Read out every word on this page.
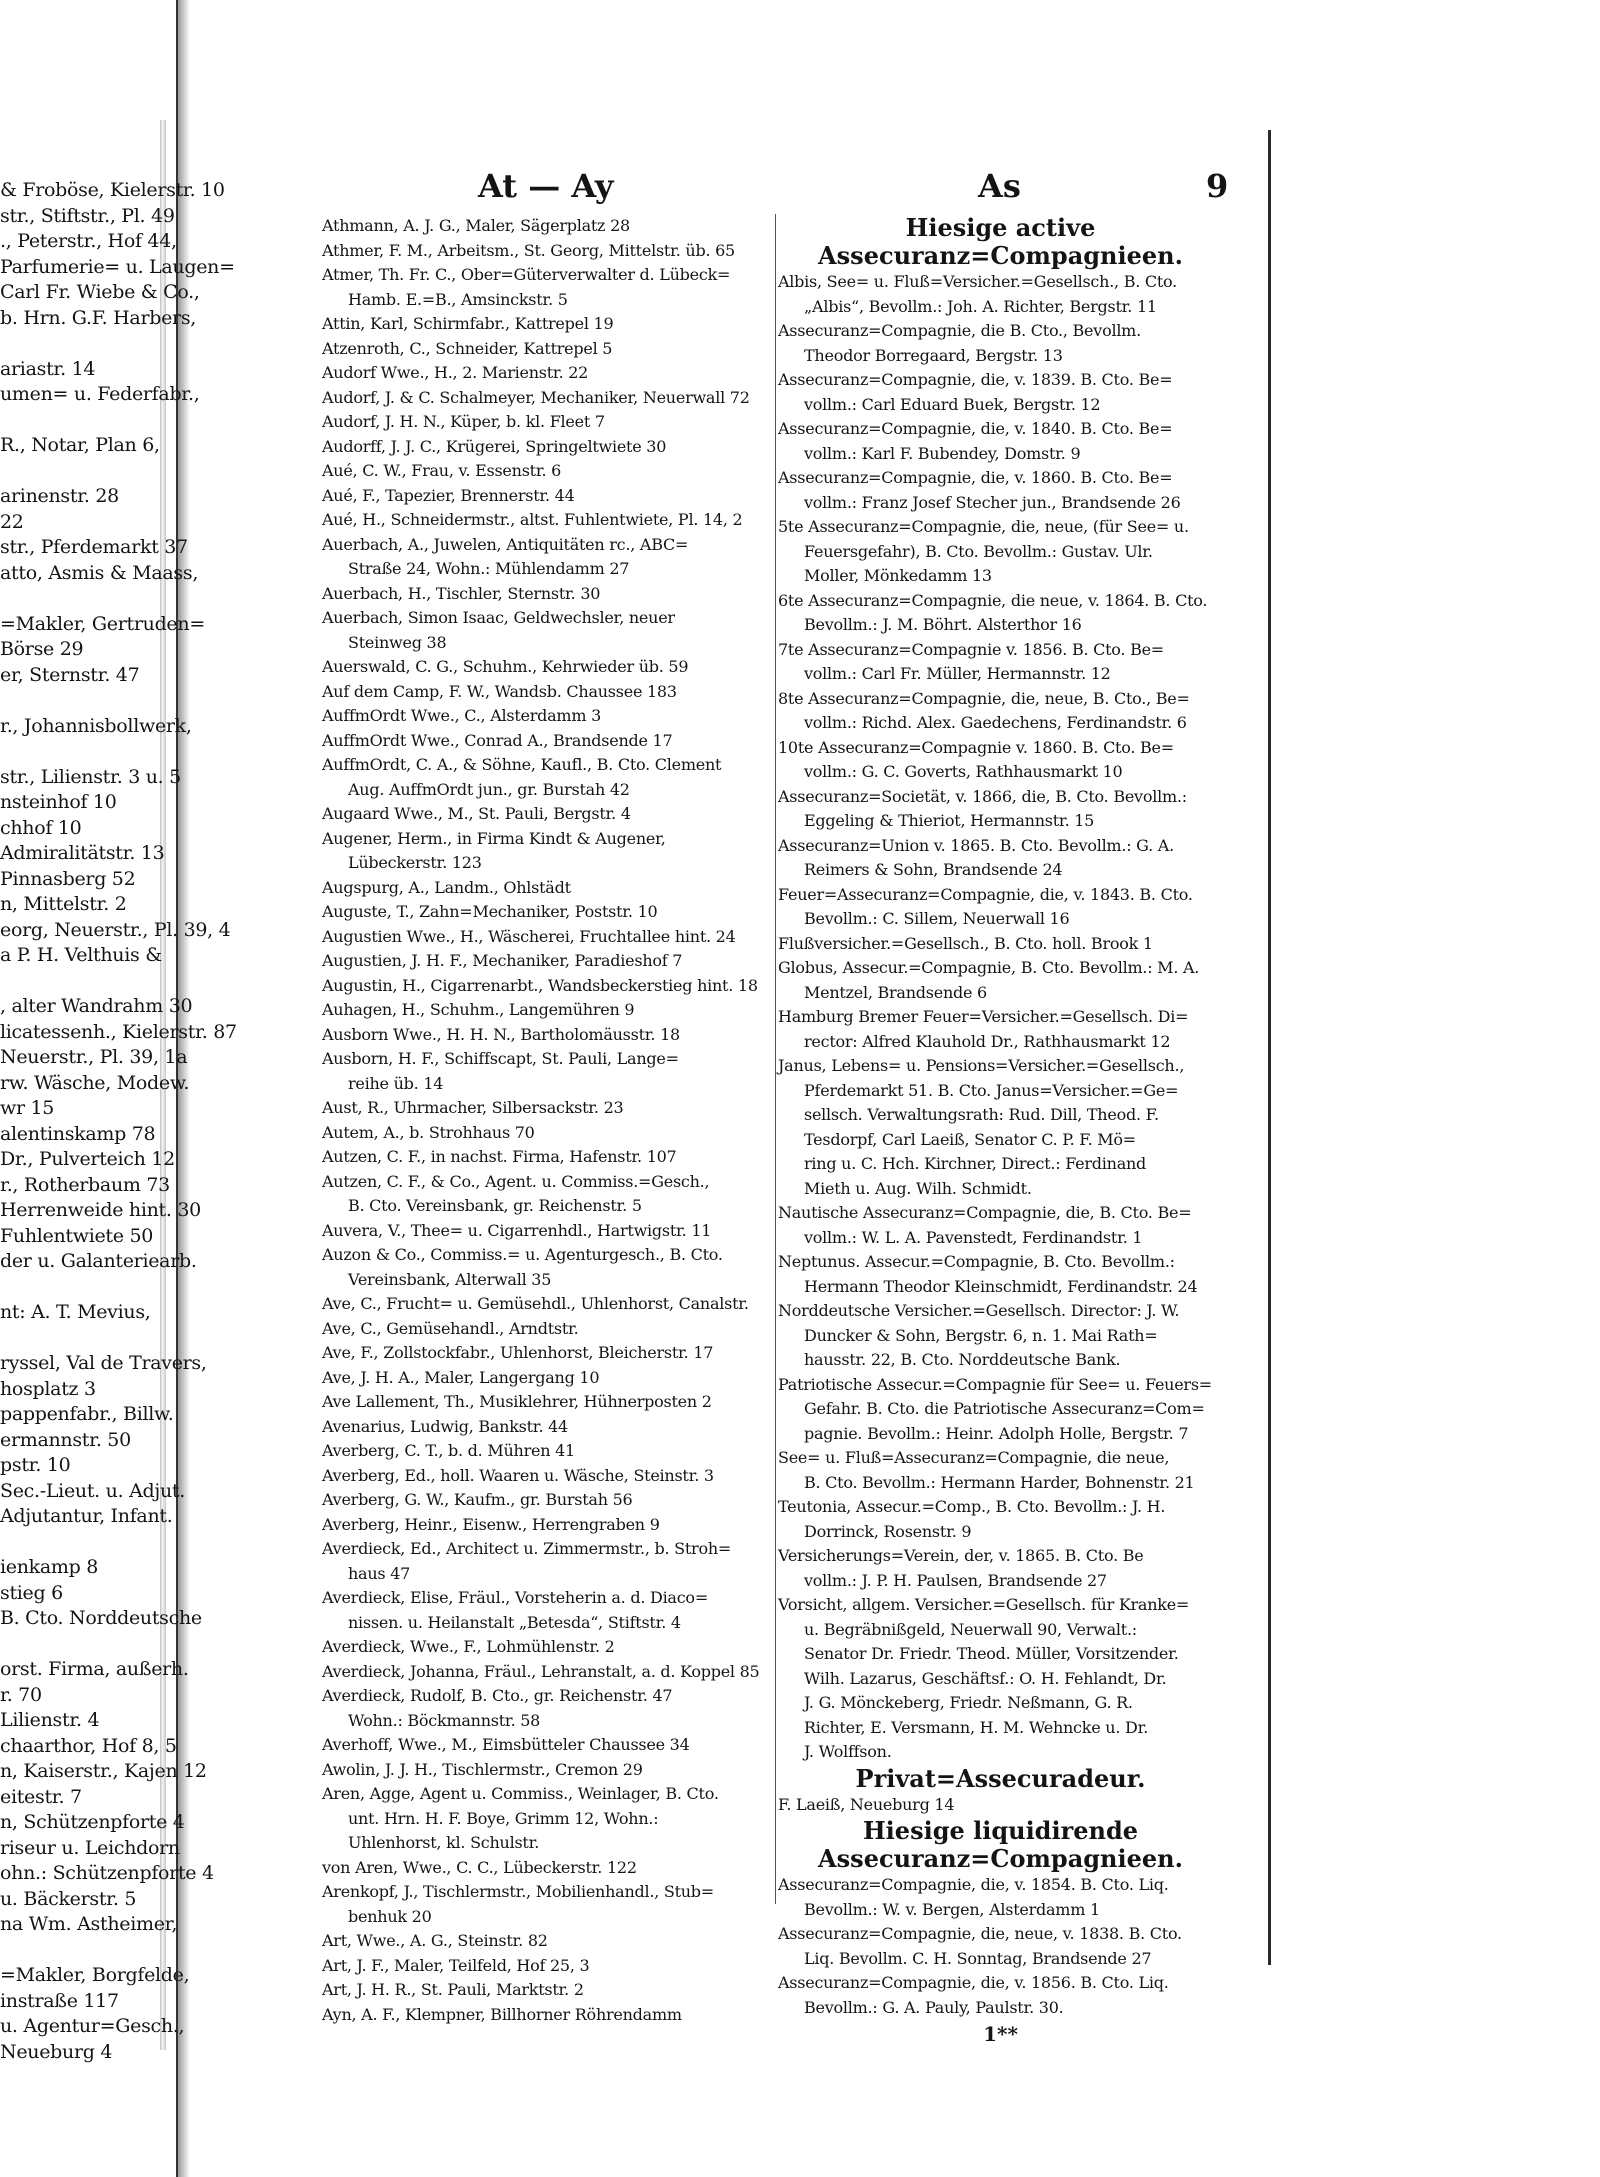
& Froböse, Kielerstr. 10
str., Stiftstr., Pl. 49
., Peterstr., Hof 44,
Parfumerie= u. Laugen=
Carl Fr. Wiebe & Co.,
b. Hrn. G.F. Harbers,
ariastr. 14
umen= u. Federfabr.,
R., Notar, Plan 6,
arinenstr. 28
22
str., Pferdemarkt 37
atto, Asmis & Maass,
=Makler, Gertruden=
Börse 29
er, Sternstr. 47
r., Johannisbollwerk,
str., Lilienstr. 3 u. 5
nsteinhof 10
chhof 10
Admiralitätstr. 13
Pinnasberg 52
n, Mittelstr. 2
eorg, Neuerstr., Pl. 39, 4
a P. H. Velthuis &
, alter Wandrahm 30
licatessenh., Kielerstr. 87
Neuerstr., Pl. 39, 1a
rw. Wäsche, Modew.
wr 15
alentinskamp 78
Dr., Pulverteich 12
r., Rotherbaum 73
Herrenweide hint. 30
Fuhlentwiete 50
der u. Galanteriearb.
nt: A. T. Mevius,
ryssel, Val de Travers,
hosplatz 3
pappenfabr., Billw.
ermannstr. 50
pstr. 10
Sec.-Lieut. u. Adjut.
Adjutantur, Infant.
ienkamp 8
stieg 6
B. Cto. Norddeutsche
orst. Firma, außerh.
r. 70
Lilienstr. 4
chaarthor, Hof 8, 5
n, Kaiserstr., Kajen 12
eitestr. 7
n, Schützenpforte 4
riseur u. Leichdorn
ohn.: Schützenpforte 4
u. Bäckerstr. 5
na Wm. Astheimer,
=Makler, Borgfelde,
instraße 117
u. Agentur=Gesch.,
Neueburg 4
At — Ay	As	9
Athmann, A. J. G., Maler, Sägerplatz 28
Athmer, F. M., Arbeitsm., St. Georg, Mittelstr. üb. 65
Atmer, Th. Fr. C., Ober=Güterverwalter d. Lübeck=
Hamb. E.=B., Amsinckstr. 5
Attin, Karl, Schirmfabr., Kattrepel 19
Atzenroth, C., Schneider, Kattrepel 5
Audorf Wwe., H., 2. Marienstr. 22
Audorf, J. & C. Schalmeyer, Mechaniker, Neuerwall 72
Audorf, J. H. N., Küper, b. kl. Fleet 7
Audorff, J. J. C., Krügerei, Springeltwiete 30
Aué, C. W., Frau, v. Essenstr. 6
Aué, F., Tapezier, Brennerstr. 44
Aué, H., Schneidermstr., altst. Fuhlentwiete, Pl. 14, 2
Auerbach, A., Juwelen, Antiquitäten rc., ABC=
Straße 24, Wohn.: Mühlendamm 27
Auerbach, H., Tischler, Sternstr. 30
Auerbach, Simon Isaac, Geldwechsler, neuer
Steinweg 38
Auerswald, C. G., Schuhm., Kehrwieder üb. 59
Auf dem Camp, F. W., Wandsb. Chaussee 183
AuffmOrdt Wwe., C., Alsterdamm 3
AuffmOrdt Wwe., Conrad A., Brandsende 17
AuffmOrdt, C. A., & Söhne, Kaufl., B. Cto. Clement
Aug. AuffmOrdt jun., gr. Burstah 42
Augaard Wwe., M., St. Pauli, Bergstr. 4
Augener, Herm., in Firma Kindt & Augener,
Lübeckerstr. 123
Augspurg, A., Landm., Ohlstädt
Auguste, T., Zahn=Mechaniker, Poststr. 10
Augustien Wwe., H., Wäscherei, Fruchtallee hint. 24
Augustien, J. H. F., Mechaniker, Paradieshof 7
Augustin, H., Cigarrenarbt., Wandsbeckerstieg hint. 18
Auhagen, H., Schuhm., Langemühren 9
Ausborn Wwe., H. H. N., Bartholomäusstr. 18
Ausborn, H. F., Schiffscapt, St. Pauli, Lange=
reihe üb. 14
Aust, R., Uhrmacher, Silbersackstr. 23
Autem, A., b. Strohhaus 70
Autzen, C. F., in nachst. Firma, Hafenstr. 107
Autzen, C. F., & Co., Agent. u. Commiss.=Gesch.,
B. Cto. Vereinsbank, gr. Reichenstr. 5
Auvera, V., Thee= u. Cigarrenhdl., Hartwigstr. 11
Auzon & Co., Commiss.= u. Agenturgesch., B. Cto.
Vereinsbank, Alterwall 35
Ave, C., Frucht= u. Gemüsehdl., Uhlenhorst, Canalstr.
Ave, C., Gemüsehandl., Arndtstr.
Ave, F., Zollstockfabr., Uhlenhorst, Bleicherstr. 17
Ave, J. H. A., Maler, Langergang 10
Ave Lallement, Th., Musiklehrer, Hühnerposten 2
Avenarius, Ludwig, Bankstr. 44
Averberg, C. T., b. d. Mühren 41
Averberg, Ed., holl. Waaren u. Wäsche, Steinstr. 3
Averberg, G. W., Kaufm., gr. Burstah 56
Averberg, Heinr., Eisenw., Herrengraben 9
Averdieck, Ed., Architect u. Zimmermstr., b. Stroh=
haus 47
Averdieck, Elise, Fräul., Vorsteherin a. d. Diaco=
nissen. u. Heilanstalt „Betesda“, Stiftstr. 4
Averdieck, Wwe., F., Lohmühlenstr. 2
Averdieck, Johanna, Fräul., Lehranstalt, a. d. Koppel 85
Averdieck, Rudolf, B. Cto., gr. Reichenstr. 47
Wohn.: Böckmannstr. 58
Averhoff, Wwe., M., Eimsbütteler Chaussee 34
Awolin, J. J. H., Tischlermstr., Cremon 29
Aren, Agge, Agent u. Commiss., Weinlager, B. Cto.
unt. Hrn. H. F. Boye, Grimm 12, Wohn.:
Uhlenhorst, kl. Schulstr.
von Aren, Wwe., C. C., Lübeckerstr. 122
Arenkopf, J., Tischlermstr., Mobilienhandl., Stub=
benhuk 20
Art, Wwe., A. G., Steinstr. 82
Art, J. F., Maler, Teilfeld, Hof 25, 3
Art, J. H. R., St. Pauli, Marktstr. 2
Ayn, A. F., Klempner, Billhorner Röhrendamm
Hiesige active
Assecuranz=Compagnieen.
Albis, See= u. Fluß=Versicher.=Gesellsch., B. Cto.
„Albis“, Bevollm.: Joh. A. Richter, Bergstr. 11
Assecuranz=Compagnie, die B. Cto., Bevollm.
Theodor Borregaard, Bergstr. 13
Assecuranz=Compagnie, die, v. 1839. B. Cto. Be=
vollm.: Carl Eduard Buek, Bergstr. 12
Assecuranz=Compagnie, die, v. 1840. B. Cto. Be=
vollm.: Karl F. Bubendey, Domstr. 9
Assecuranz=Compagnie, die, v. 1860. B. Cto. Be=
vollm.: Franz Josef Stecher jun., Brandsende 26
5te Assecuranz=Compagnie, die, neue, (für See= u.
Feuersgefahr), B. Cto. Bevollm.: Gustav. Ulr.
Moller, Mönkedamm 13
6te Assecuranz=Compagnie, die neue, v. 1864. B. Cto.
Bevollm.: J. M. Böhrt. Alsterthor 16
7te Assecuranz=Compagnie v. 1856. B. Cto. Be=
vollm.: Carl Fr. Müller, Hermannstr. 12
8te Assecuranz=Compagnie, die, neue, B. Cto., Be=
vollm.: Richd. Alex. Gaedechens, Ferdinandstr. 6
10te Assecuranz=Compagnie v. 1860. B. Cto. Be=
vollm.: G. C. Goverts, Rathhausmarkt 10
Assecuranz=Societät, v. 1866, die, B. Cto. Bevollm.:
Eggeling & Thieriot, Hermannstr. 15
Assecuranz=Union v. 1865. B. Cto. Bevollm.: G. A.
Reimers & Sohn, Brandsende 24
Feuer=Assecuranz=Compagnie, die, v. 1843. B. Cto.
Bevollm.: C. Sillem, Neuerwall 16
Flußversicher.=Gesellsch., B. Cto. holl. Brook 1
Globus, Assecur.=Compagnie, B. Cto. Bevollm.: M. A.
Mentzel, Brandsende 6
Hamburg Bremer Feuer=Versicher.=Gesellsch. Di=
rector: Alfred Klauhold Dr., Rathhausmarkt 12
Janus, Lebens= u. Pensions=Versicher.=Gesellsch.,
Pferdemarkt 51. B. Cto. Janus=Versicher.=Ge=
sellsch. Verwaltungsrath: Rud. Dill, Theod. F.
Tesdorpf, Carl Laeiß, Senator C. P. F. Mö=
ring u. C. Hch. Kirchner, Direct.: Ferdinand
Mieth u. Aug. Wilh. Schmidt.
Nautische Assecuranz=Compagnie, die, B. Cto. Be=
vollm.: W. L. A. Pavenstedt, Ferdinandstr. 1
Neptunus. Assecur.=Compagnie, B. Cto. Bevollm.:
Hermann Theodor Kleinschmidt, Ferdinandstr. 24
Norddeutsche Versicher.=Gesellsch. Director: J. W.
Duncker & Sohn, Bergstr. 6, n. 1. Mai Rath=
hausstr. 22, B. Cto. Norddeutsche Bank.
Patriotische Assecur.=Compagnie für See= u. Feuers=
Gefahr. B. Cto. die Patriotische Assecuranz=Com=
pagnie. Bevollm.: Heinr. Adolph Holle, Bergstr. 7
See= u. Fluß=Assecuranz=Compagnie, die neue,
B. Cto. Bevollm.: Hermann Harder, Bohnenstr. 21
Teutonia, Assecur.=Comp., B. Cto. Bevollm.: J. H.
Dorrinck, Rosenstr. 9
Versicherungs=Verein, der, v. 1865. B. Cto. Be
vollm.: J. P. H. Paulsen, Brandsende 27
Vorsicht, allgem. Versicher.=Gesellsch. für Kranke=
u. Begräbnißgeld, Neuerwall 90, Verwalt.:
Senator Dr. Friedr. Theod. Müller, Vorsitzender.
Wilh. Lazarus, Geschäftsf.: O. H. Fehlandt, Dr.
J. G. Mönckeberg, Friedr. Neßmann, G. R.
Richter, E. Versmann, H. M. Wehncke u. Dr.
J. Wolffson.
Privat=Assecuradeur.
F. Laeiß, Neueburg 14
Hiesige liquidirende
Assecuranz=Compagnieen.
Assecuranz=Compagnie, die, v. 1854. B. Cto. Liq.
Bevollm.: W. v. Bergen, Alsterdamm 1
Assecuranz=Compagnie, die, neue, v. 1838. B. Cto.
Liq. Bevollm. C. H. Sonntag, Brandsende 27
Assecuranz=Compagnie, die, v. 1856. B. Cto. Liq.
Bevollm.: G. A. Pauly, Paulstr. 30.
1**
